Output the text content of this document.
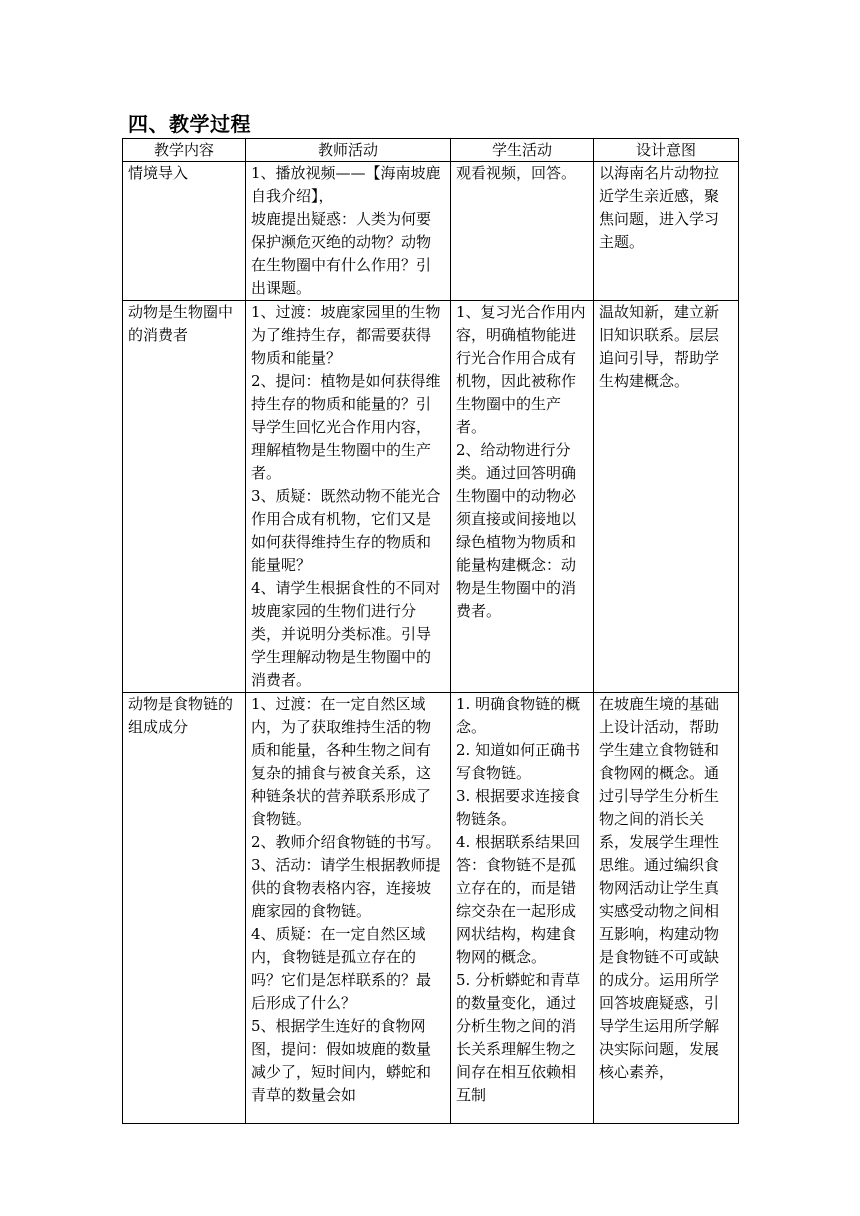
四、教学过程
教学内容	教师活动	学生活动	设计意图

情境导入	1、播放视频——【海南坡鹿自我介绍】，
坡鹿提出疑惑：人类为何要保护濒危灭绝的动物？动物在生物圈中有什么作用？引出课题。	观看视频，回答。	以海南名片动物拉近学生亲近感，聚焦问题，进入学习主题。

动物是生物圈中的消费者	1、过渡：坡鹿家园里的生物为了维持生存，都需要获得物质和能量？
2、提问：植物是如何获得维持生存的物质和能量的？引导学生回忆光合作用内容，理解植物是生物圈中的生产者。
3、质疑：既然动物不能光合作用合成有机物，它们又是如何获得维持生存的物质和能量呢？
4、请学生根据食性的不同对坡鹿家园的生物们进行分类，并说明分类标准。引导学生理解动物是生物圈中的消费者。	1、复习光合作用内容，明确植物能进行光合作用合成有机物，因此被称作生物圈中的生产者。
2、给动物进行分类。通过回答明确生物圈中的动物必须直接或间接地以绿色植物为物质和能量构建概念：动物是生物圈中的消费者。	温故知新，建立新旧知识联系。层层追问引导，帮助学生构建概念。

动物是食物链的组成成分	1、过渡：在一定自然区域内，为了获取维持生活的物质和能量，各种生物之间有复杂的捕食与被食关系，这种链条状的营养联系形成了食物链。
2、教师介绍食物链的书写。
3、活动：请学生根据教师提供的食物表格内容，连接坡鹿家园的食物链。
4、质疑：在一定自然区域内，食物链是孤立存在的吗？它们是怎样联系的？最后形成了什么？
5、根据学生连好的食物网图，提问：假如坡鹿的数量减少了，短时间内，蟒蛇和青草的数量会如	1. 明确食物链的概念。
2. 知道如何正确书写食物链。
3. 根据要求连接食物链条。
4. 根据联系结果回答：食物链不是孤立存在的，而是错综交杂在一起形成网状结构，构建食物网的概念。
5. 分析蟒蛇和青草的数量变化，通过分析生物之间的消长关系理解生物之间存在相互依赖相互制	在坡鹿生境的基础上设计活动，帮助学生建立食物链和食物网的概念。通过引导学生分析生物之间的消长关系，发展学生理性思维。通过编织食物网活动让学生真实感受动物之间相互影响，构建动物是食物链不可或缺的成分。运用所学回答坡鹿疑惑，引导学生运用所学解决实际问题，发展核心素养，
